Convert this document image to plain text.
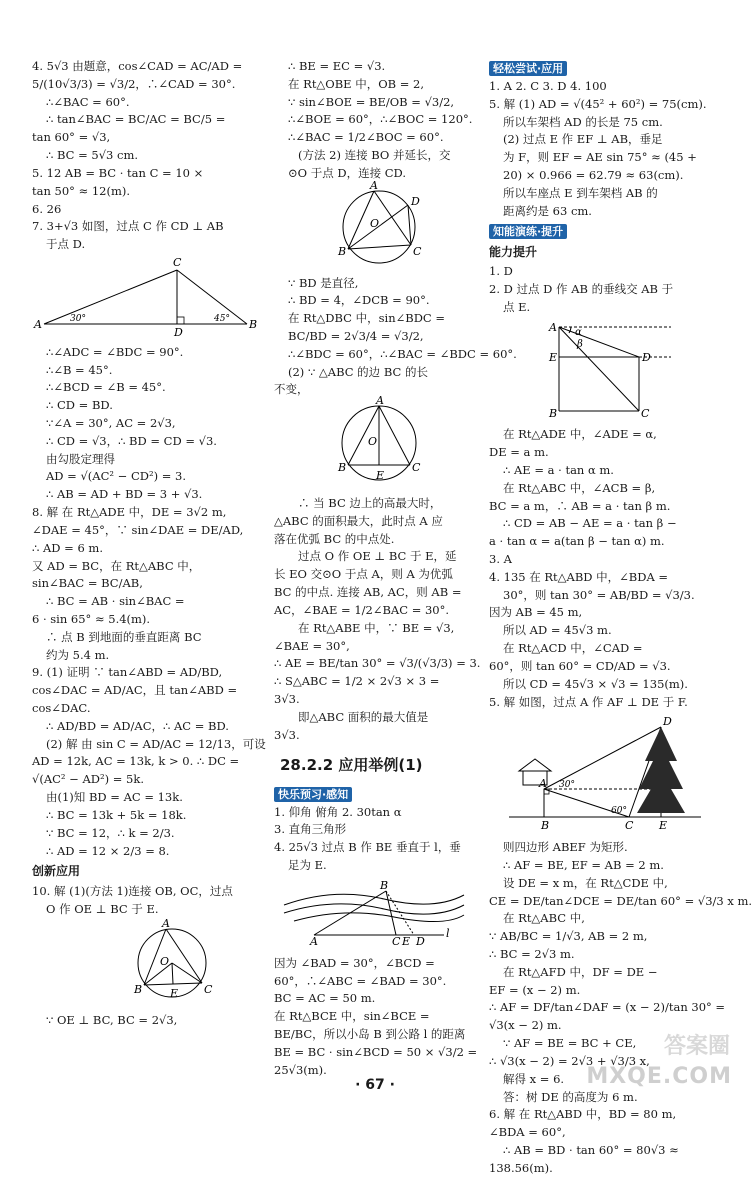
4. 5√3 由题意，cos∠CAD = AC/AD =
5/(10√3/3) = √3/2，∴∠CAD = 30°.
∴∠BAC = 60°.
∴ tan∠BAC = BC/AC = BC/5 =
tan 60° = √3,
∴ BC = 5√3 cm.
5. 12 AB = BC · tan C = 10 ×
tan 50° ≈ 12(m).
6. 26
7. 3+√3 如图，过点 C 作 CD ⊥ AB
于点 D.
A
C
D
B
30°	45°
∴∠ADC = ∠BDC = 90°.
∴∠B = 45°.
∴∠BCD = ∠B = 45°.
∴ CD = BD.
∵∠A = 30°, AC = 2√3,
∴ CD = √3，∴ BD = CD = √3.
由勾股定理得
AD = √(AC² − CD²) = 3.
∴ AB = AD + BD = 3 + √3.
8. 解 在 Rt△ADE 中，DE = 3√2 m,
∠DAE = 45°，∵ sin∠DAE = DE/AD,
∴ AD = 6 m.
又 AD = BC，在 Rt△ABC 中，
sin∠BAC = BC/AB,
∴ BC = AB · sin∠BAC =
6 · sin 65° ≈ 5.4(m).
∴ 点 B 到地面的垂直距离 BC
约为 5.4 m.
9. (1) 证明 ∵ tan∠ABD = AD/BD,
cos∠DAC = AD/AC，且 tan∠ABD =
cos∠DAC.
∴ AD/BD = AD/AC，∴ AC = BD.
(2) 解 由 sin C = AD/AC = 12/13，可设
AD = 12k, AC = 13k, k > 0. ∴ DC =
√(AC² − AD²) = 5k.
由(1)知 BD = AC = 13k.
∴ BC = 13k + 5k = 18k.
∵ BC = 12，∴ k = 2/3.
∴ AD = 12 × 2/3 = 8.
创新应用
10. 解 (1)(方法 1)连接 OB, OC，过点
O 作 OE ⊥ BC 于 E.
A
O
B	E C
∵ OE ⊥ BC, BC = 2√3,
∴ BE = EC = √3.
在 Rt△OBE 中，OB = 2,
∵ sin∠BOE = BE/OB = √3/2,
∴∠BOE = 60°，∴∠BOC = 120°.
∴∠BAC = 1/2∠BOC = 60°.
(方法 2) 连接 BO 并延长，交
⊙O 于点 D，连接 CD.
A
O
D
B	C
∵ BD 是直径,
∴ BD = 4，∠DCB = 90°.
在 Rt△DBC 中，sin∠BDC =
BC/BD = 2√3/4 = √3/2,
∴∠BDC = 60°，∴∠BAC = ∠BDC = 60°.
(2) ∵ △ABC 的边 BC 的长
不变，
A
O
B
E
C
∴ 当 BC 边上的高最大时，
△ABC 的面积最大，此时点 A 应
落在优弧 BC 的中点处.
过点 O 作 OE ⊥ BC 于 E，延
长 EO 交⊙O 于点 A，则 A 为优弧
BC 的中点. 连接 AB, AC，则 AB =
AC，∠BAE = 1/2∠BAC = 30°.
在 Rt△ABE 中，∵ BE = √3,
∠BAE = 30°,
∴ AE = BE/tan 30° = √3/(√3/3) = 3.
∴ S△ABC = 1/2 × 2√3 × 3 =
3√3.
即△ABC 面积的最大值是
3√3.
28.2.2 应用举例(1)
快乐预习·感知
1. 仰角 俯角 2. 30tan α
3. 直角三角形
4. 25√3 过点 B 作 BE 垂直于 l，垂
足为 E.
A
B
C E D
l
因为 ∠BAD = 30°，∠BCD =
60°，∴∠ABC = ∠BAD = 30°.
BC = AC = 50 m.
在 Rt△BCE 中，sin∠BCE =
BE/BC，所以小岛 B 到公路 l 的距离
BE = BC · sin∠BCD = 50 × √3/2 =
25√3(m).
轻松尝试·应用
1. A 2. C 3. D 4. 100
5. 解 (1) AD = √(45² + 60²) = 75(cm).
所以车架档 AD 的长是 75 cm.
(2) 过点 E 作 EF ⊥ AB，垂足
为 F，则 EF = AE sin 75° ≈ (45 +
20) × 0.966 = 62.79 ≈ 63(cm).
所以车座点 E 到车架档 AB 的
距离约是 63 cm.
知能演练·提升
能力提升
1. D
2. D 过点 D 作 AB 的垂线交 AB 于
点 E.
A α
β
E	D
B	C
在 Rt△ADE 中，∠ADE = α,
DE = a m.
∴ AE = a · tan α m.
在 Rt△ABC 中，∠ACB = β,
BC = a m，∴ AB = a · tan β m.
∴ CD = AB − AE = a · tan β −
a · tan α = a(tan β − tan α) m.
3. A
4. 135 在 Rt△ABD 中，∠BDA =
30°，则 tan 30° = AB/BD = √3/3.
因为 AB = 45 m,
所以 AD = 45√3 m.
在 Rt△ACD 中，∠CAD =
60°，则 tan 60° = CD/AD = √3.
所以 CD = 45√3 × √3 = 135(m).
5. 解 如图，过点 A 作 AF ⊥ DE 于 F.
D
A 30°
60°
B	C E
则四边形 ABEF 为矩形.
∴ AF = BE, EF = AB = 2 m.
设 DE = x m，在 Rt△CDE 中,
CE = DE/tan∠DCE = DE/tan 60° = √3/3 x m.
在 Rt△ABC 中,
∵ AB/BC = 1/√3, AB = 2 m,
∴ BC = 2√3 m.
在 Rt△AFD 中，DF = DE −
EF = (x − 2) m.
∴ AF = DF/tan∠DAF = (x − 2)/tan 30° =
√3(x − 2) m.
∵ AF = BE = BC + CE,
∴ √3(x − 2) = 2√3 + √3/3 x,
解得 x = 6.
答：树 DE 的高度为 6 m.
6. 解 在 Rt△ABD 中，BD = 80 m,
∠BDA = 60°,
∴ AB = BD · tan 60° = 80√3 ≈
138.56(m).
· 67 ·
答案圈
MXQE.COM
